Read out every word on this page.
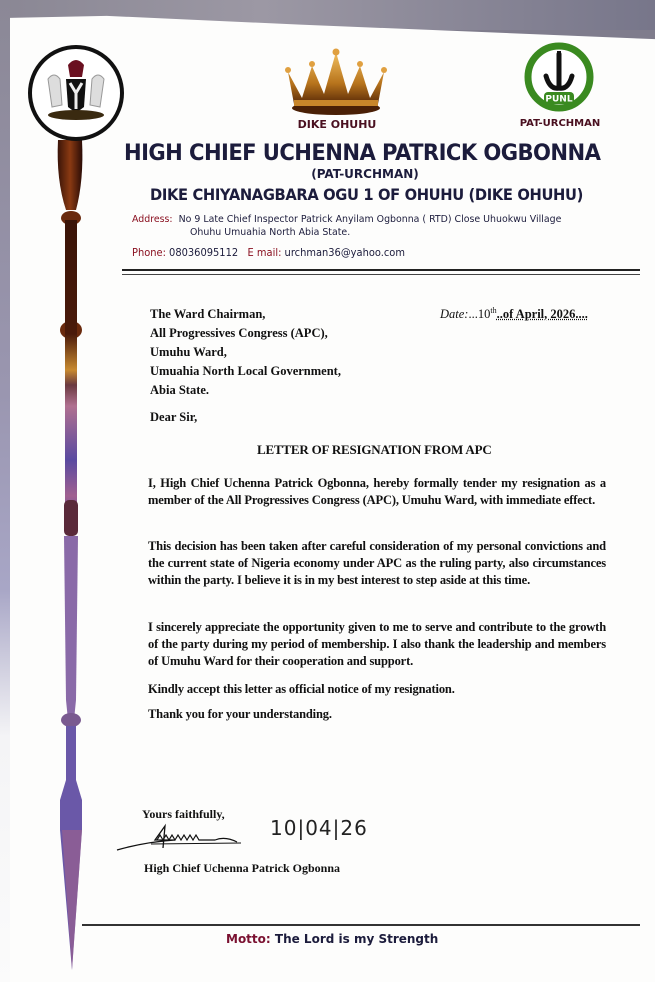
DIKE OHUHU
PUNL
PAT-URCHMAN
HIGH CHIEF UCHENNA PATRICK OGBONNA
(PAT-URCHMAN)
DIKE CHIYANAGBARA OGU 1 OF OHUHU (DIKE OHUHU)
Address: No 9 Late Chief Inspector Patrick Anyilam Ogbonna ( RTD) Close Uhuokwu Village
Ohuhu Umuahia North Abia State.
Phone: 08036095112 E mail: urchman36@yahoo.com
The Ward Chairman,
All Progressives Congress (APC),
Umuhu Ward,
Umuahia North Local Government,
Abia State.
Date:...10th..of April, 2026....
Dear Sir,
LETTER OF RESIGNATION FROM APC
I, High Chief Uchenna Patrick Ogbonna, hereby formally tender my resignation as a member of the All Progressives Congress (APC), Umuhu Ward, with immediate effect.
This decision has been taken after careful consideration of my personal convictions and the current state of Nigeria economy under APC as the ruling party, also circumstances within the party. I believe it is in my best interest to step aside at this time.
I sincerely appreciate the opportunity given to me to serve and contribute to the growth of the party during my period of membership. I also thank the leadership and members of Umuhu Ward for their cooperation and support.
Kindly accept this letter as official notice of my resignation.
Thank you for your understanding.
Yours faithfully,
10|04|26
High Chief Uchenna Patrick Ogbonna
Motto: The Lord is my Strength
